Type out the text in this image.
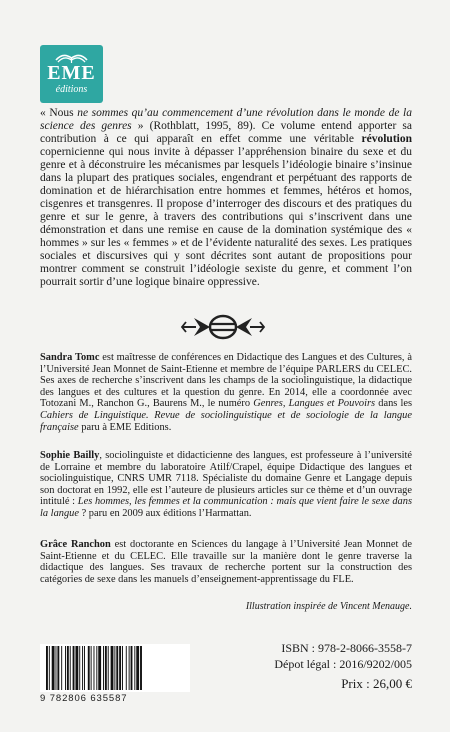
EME
éditions
« Nous ne sommes qu’au commencement d’une révolution dans le monde de la science des genres » (Rothblatt, 1995, 89). Ce volume entend apporter sa contribution à ce qui apparaît en effet comme une véritable révolution copernicienne qui nous invite à dépasser l’appréhension binaire du sexe et du genre et à déconstruire les mécanismes par lesquels l’idéologie binaire s’insinue dans la plupart des pratiques sociales, engendrant et perpétuant des rapports de domination et de hiérarchisation entre hommes et femmes, hétéros et homos, cisgenres et transgenres. Il propose d’interroger des discours et des pratiques du genre et sur le genre, à travers des contributions qui s’inscrivent dans une démonstration et dans une remise en cause de la domination systémique des « hommes » sur les « femmes » et de l’évidente naturalité des sexes. Les pratiques sociales et discursives qui y sont décrites sont autant de propositions pour montrer comment se construit l’idéologie sexiste du genre, et comment l’on pourrait sortir d’une logique binaire oppressive.
Sandra Tomc est maîtresse de conférences en Didactique des Langues et des Cultures, à l’Université Jean Monnet de Saint-Etienne et membre de l’équipe PARLERS du CELEC. Ses axes de recherche s’inscrivent dans les champs de la sociolinguistique, la didactique des langues et des cultures et la question du genre. En 2014, elle a coordonnée avec Totozani M., Ranchon G., Baurens M., le numéro Genres, Langues et Pouvoirs dans les Cahiers de Linguistique. Revue de sociolinguistique et de sociologie de la langue française paru à EME Editions.
Sophie Bailly, sociolinguiste et didacticienne des langues, est professeure à l’université de Lorraine et membre du laboratoire Atilf/Crapel, équipe Didactique des langues et sociolinguistique, CNRS UMR 7118. Spécialiste du domaine Genre et Langage depuis son doctorat en 1992, elle est l’auteure de plusieurs articles sur ce thème et d’un ouvrage intitulé : Les hommes, les femmes et la communication : mais que vient faire le sexe dans la langue ? paru en 2009 aux éditions l’Harmattan.
Grâce Ranchon est doctorante en Sciences du langage à l’Université Jean Monnet de Saint-Etienne et du CELEC. Elle travaille sur la manière dont le genre traverse la didactique des langues. Ses travaux de recherche portent sur la construction des catégories de sexe dans les manuels d’enseignement-apprentissage du FLE.
Illustration inspirée de Vincent Menauge.
9 782806 635587
ISBN : 978-2-8066-3558-7
Dépot légal : 2016/9202/005
Prix : 26,00 €
